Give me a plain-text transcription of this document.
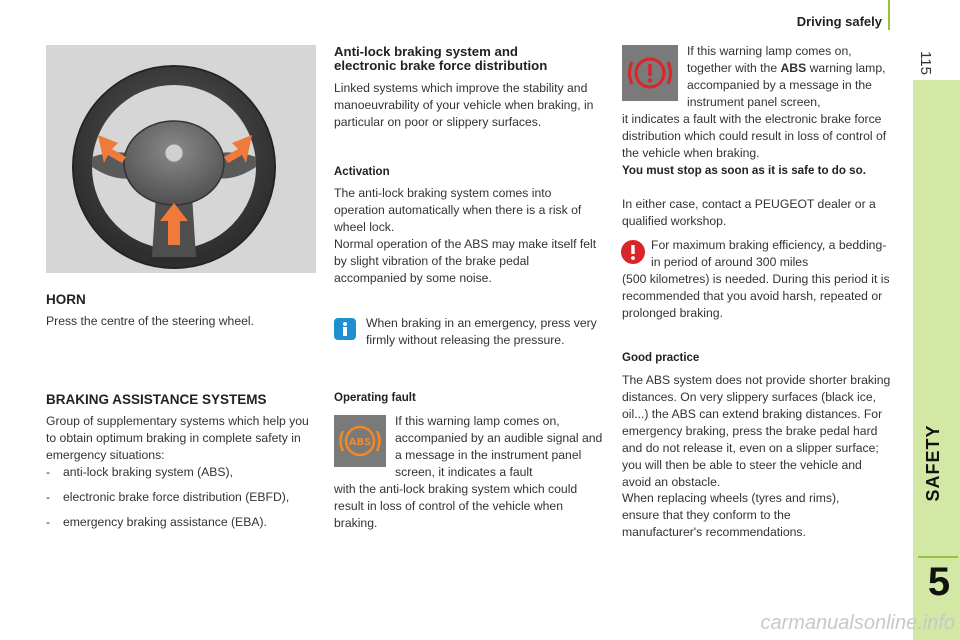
Driving safely
115
SAFETY
5
HORN

Press the centre of the steering wheel.

BRAKING ASSISTANCE SYSTEMS

Group of supplementary systems which help you to obtain optimum braking in complete safety in emergency situations:

-	anti-lock braking system (ABS),
-	electronic brake force distribution (EBFD),
-	emergency braking assistance (EBA).
Anti-lock braking system and
electronic brake force distribution

Linked systems which improve the stability and manoeuvrability of your vehicle when braking, in particular on poor or slippery surfaces.

Activation

The anti-lock braking system comes into operation automatically when there is a risk of wheel lock.

Normal operation of the ABS may make itself felt by slight vibration of the brake pedal accompanied by some noise.

When braking in an emergency, press very firmly without releasing the pressure.

Operating fault
ABS

If this warning lamp comes on, accompanied by an audible signal and a message in the instrument panel screen, it indicates a fault

with the anti-lock braking system which could result in loss of control of the vehicle when braking.

If this warning lamp comes on, together with the ABS warning lamp, accompanied by a message in the instrument panel screen,

it indicates a fault with the electronic brake force distribution which could result in loss of control of the vehicle when braking.

You must stop as soon as it is safe to do so.

In either case, contact a PEUGEOT dealer or a qualified workshop.

For maximum braking efficiency, a bedding-in period of around 300 miles

(500 kilometres) is needed. During this period it is recommended that you avoid harsh, repeated or prolonged braking.

Good practice

The ABS system does not provide shorter braking distances. On very slippery surfaces (black ice, oil...) the ABS can extend braking distances. For emergency braking, press the brake pedal hard and do not release it, even on a slipper surface; you will then be able to steer the vehicle and avoid an obstacle.

When replacing wheels (tyres and rims), ensure that they conform to the manufacturer's recommendations.

carmanualsonline.info
